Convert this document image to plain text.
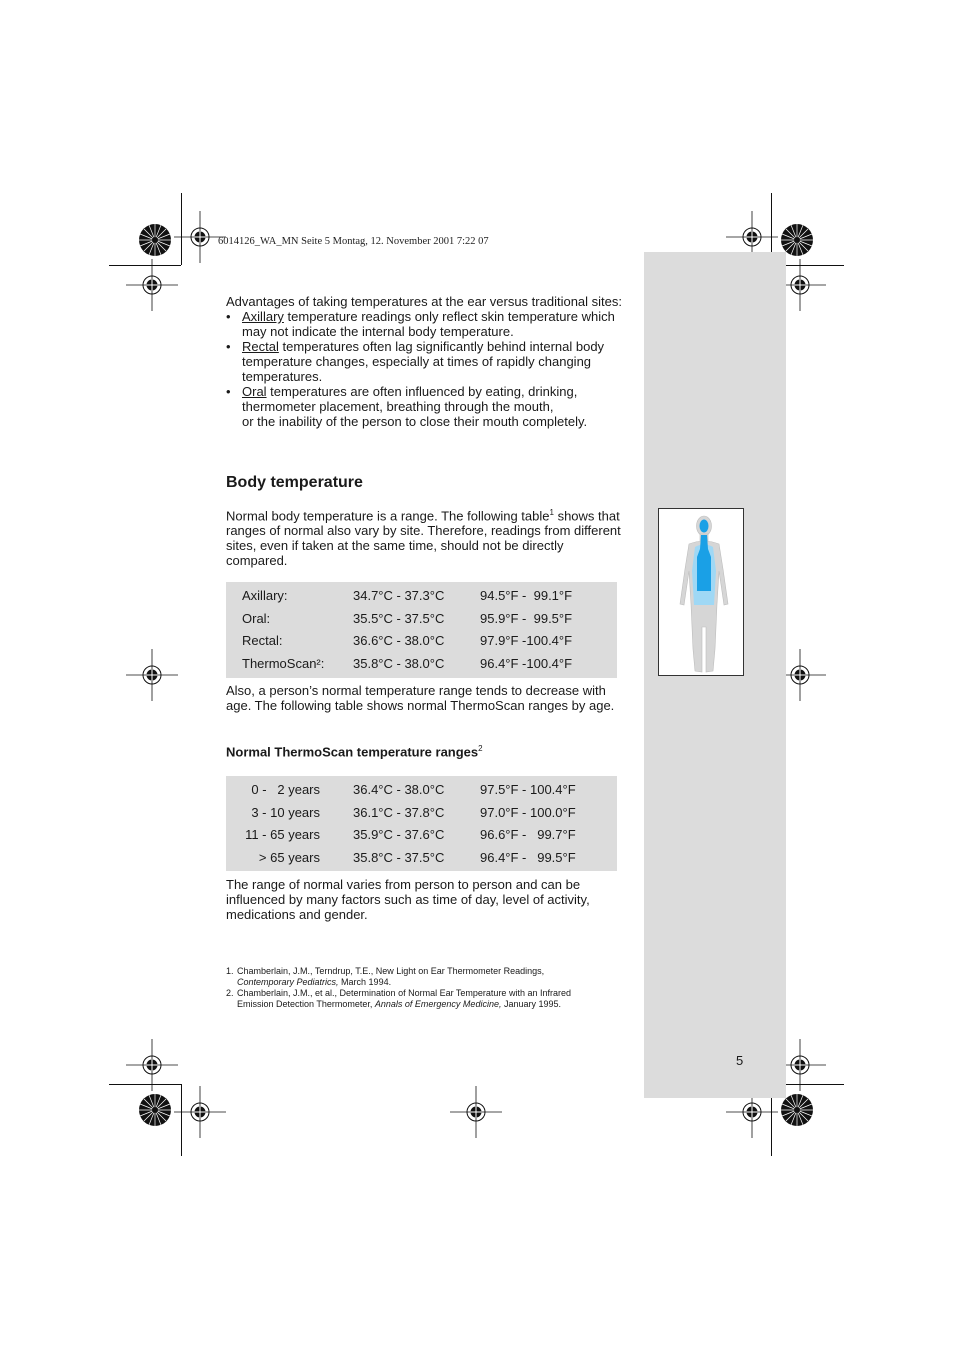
6014126_WA_MN Seite 5 Montag, 12. November 2001 7:22 07
Advantages of taking temperatures at the ear versus traditional sites:
• Axillary temperature readings only reflect skin temperature which may not indicate the internal body temperature.
• Rectal temperatures often lag significantly behind internal body temperature changes, especially at times of rapidly changing temperatures.
• Oral temperatures are often influenced by eating, drinking, thermometer placement, breathing through the mouth,
or the inability of the person to close their mouth completely.
Body temperature
Normal body temperature is a range. The following table$^1$ shows that ranges of normal also vary by site. Therefore, readings from different sites, even if taken at the same time, should not be directly compared.
Axillary:	34.7°C - 37.3°C	94.5°F -  99.1°F
Oral:	35.5°C - 37.5°C	95.9°F -  99.5°F
Rectal:	36.6°C - 38.0°C	97.9°F -100.4°F
ThermoScan²: 35.8°C - 38.0°C	96.4°F -100.4°F
Also, a person’s normal temperature range tends to decrease with age. The following table shows normal ThermoScan ranges by age.
Normal ThermoScan temperature ranges$^2$
0 -   2 years	36.4°C - 38.0°C	97.5°F - 100.4°F
3 - 10 years	36.1°C - 37.8°C	97.0°F - 100.0°F
11 - 65 years	35.9°C - 37.6°C	96.6°F -   99.7°F
> 65 years	35.8°C - 37.5°C	96.4°F -   99.5°F
The range of normal varies from person to person and can be influenced by many factors such as time of day, level of activity, medications and gender.
1. Chamberlain, J.M., Terndrup, T.E., New Light on Ear Thermometer Readings,
Contemporary Pediatrics, March 1994.
2. Chamberlain, J.M., et al., Determination of Normal Ear Temperature with an Infrared
Emission Detection Thermometer, Annals of Emergency Medicine, January 1995.
5
